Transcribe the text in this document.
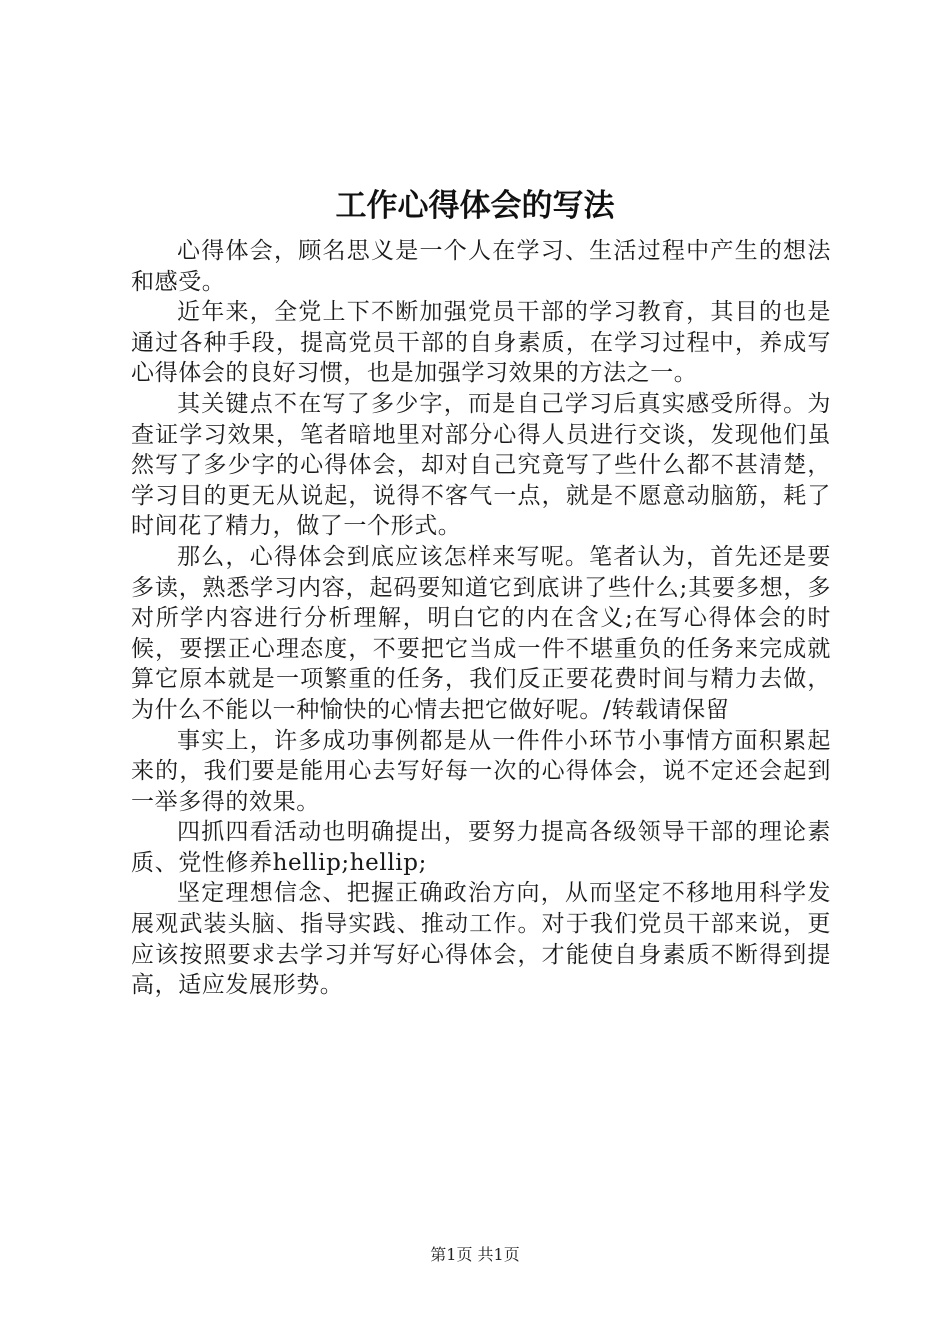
工作心得体会的写法

心得体会，顾名思义是一个人在学习、生活过程中产生的想法和感受。

近年来，全党上下不断加强党员干部的学习教育，其目的也是通过各种手段，提高党员干部的自身素质，在学习过程中，养成写心得体会的良好习惯，也是加强学习效果的方法之一。

其关键点不在写了多少字，而是自己学习后真实感受所得。为查证学习效果，笔者暗地里对部分心得人员进行交谈，发现他们虽然写了多少字的心得体会，却对自己究竟写了些什么都不甚清楚，学习目的更无从说起，说得不客气一点，就是不愿意动脑筋，耗了时间花了精力，做了一个形式。

那么，心得体会到底应该怎样来写呢。笔者认为，首先还是要多读，熟悉学习内容，起码要知道它到底讲了些什么;其要多想，多对所学内容进行分析理解，明白它的内在含义;在写心得体会的时候，要摆正心理态度，不要把它当成一件不堪重负的任务来完成就算它原本就是一项繁重的任务，我们反正要花费时间与精力去做，为什么不能以一种愉快的心情去把它做好呢。/转载请保留

事实上，许多成功事例都是从一件件小环节小事情方面积累起来的，我们要是能用心去写好每一次的心得体会，说不定还会起到一举多得的效果。

四抓四看活动也明确提出，要努力提高各级领导干部的理论素质、党性修养hellip;hellip;

坚定理想信念、把握正确政治方向，从而坚定不移地用科学发展观武装头脑、指导实践、推动工作。对于我们党员干部来说，更应该按照要求去学习并写好心得体会，才能使自身素质不断得到提高，适应发展形势。

第1页 共1页
